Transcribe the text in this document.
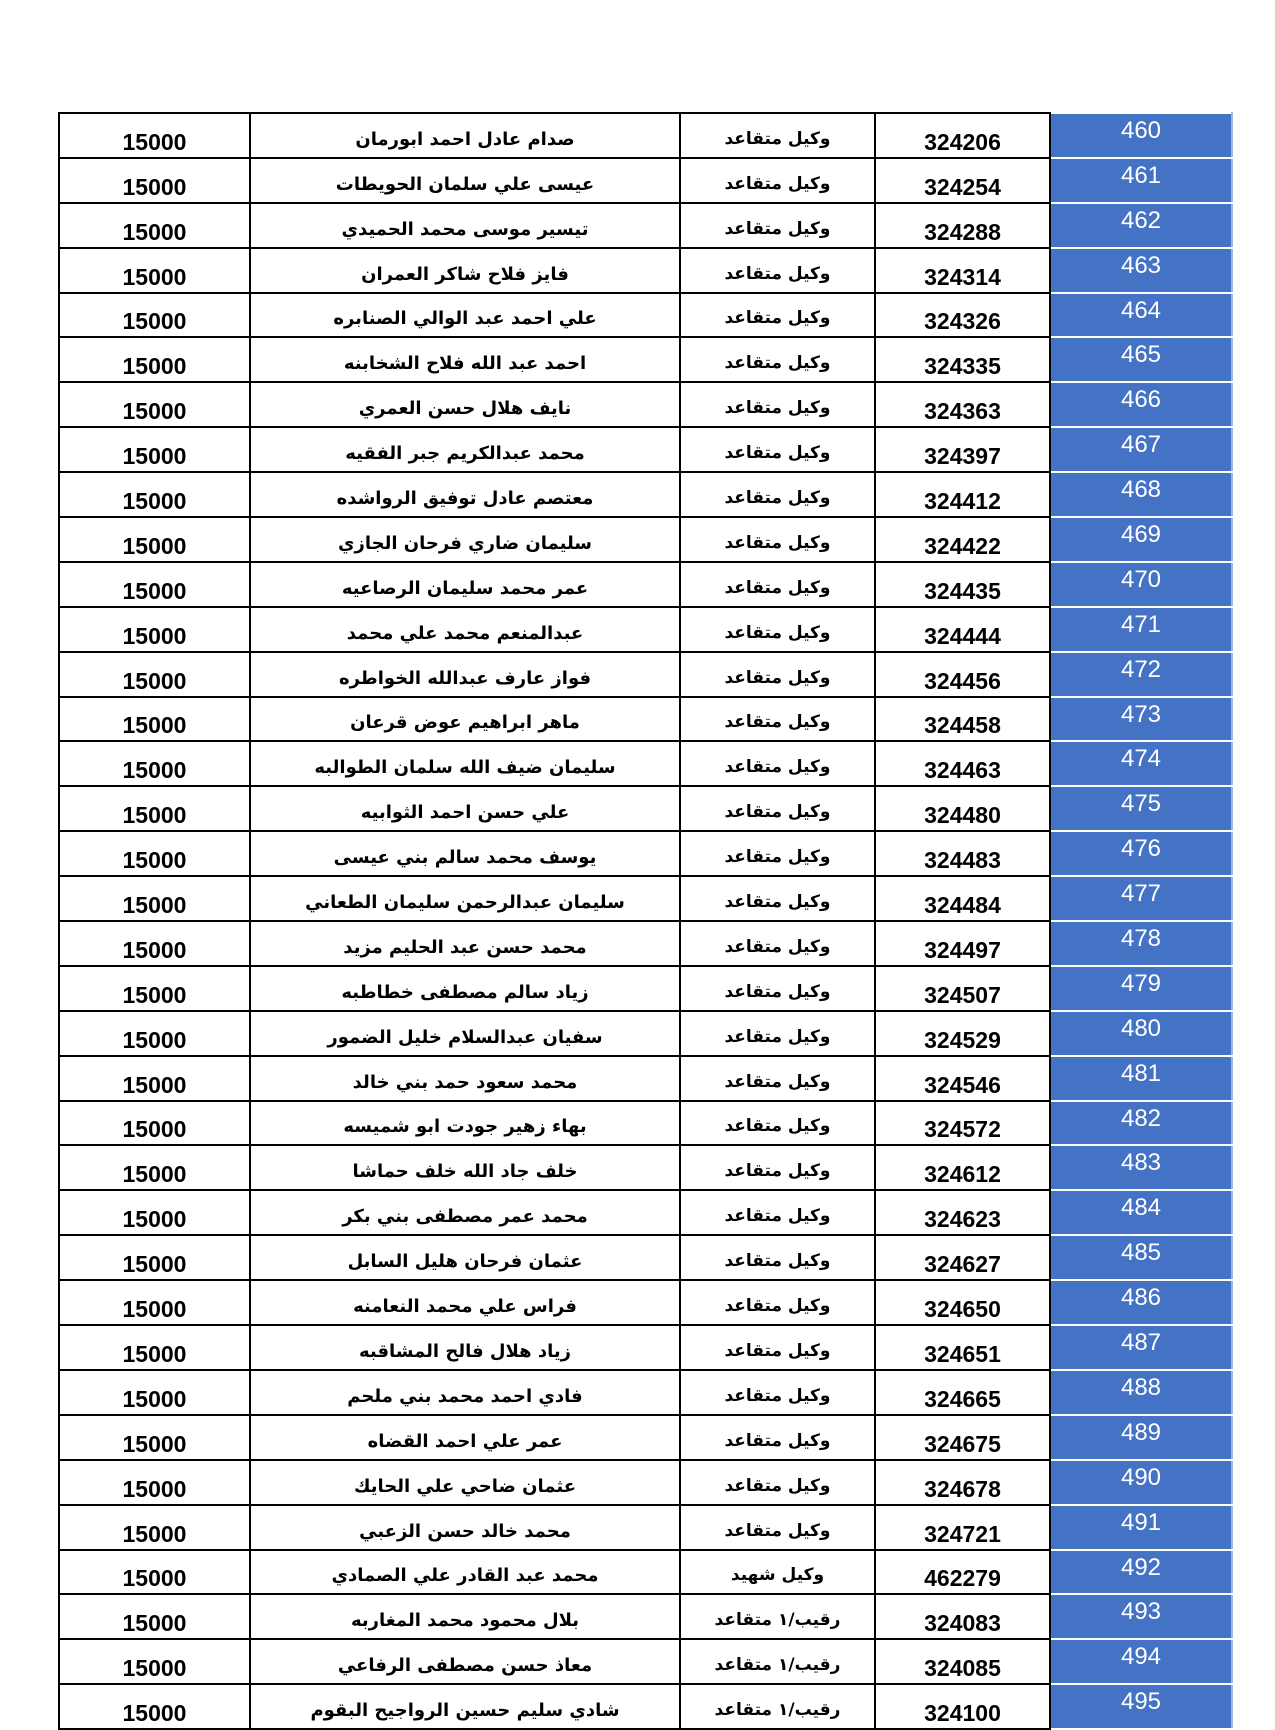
15000	صدام عادل احمد ابورمان	وكيل متقاعد	324206	460
15000	عيسى علي سلمان الحويطات	وكيل متقاعد	324254	461
15000	تيسير موسى محمد الحميدي	وكيل متقاعد	324288	462
15000	فايز فلاح شاكر العمران	وكيل متقاعد	324314	463
15000	علي احمد عبد الوالي الصنابره	وكيل متقاعد	324326	464
15000	احمد عبد الله فلاح الشخابنه	وكيل متقاعد	324335	465
15000	نايف هلال حسن العمري	وكيل متقاعد	324363	466
15000	محمد عبدالكريم جبر الفقيه	وكيل متقاعد	324397	467
15000	معتصم عادل توفيق الرواشده	وكيل متقاعد	324412	468
15000	سليمان ضاري فرحان الجازي	وكيل متقاعد	324422	469
15000	عمر محمد سليمان الرصاعيه	وكيل متقاعد	324435	470
15000	عبدالمنعم محمد علي محمد	وكيل متقاعد	324444	471
15000	فواز عارف عبدالله الخواطره	وكيل متقاعد	324456	472
15000	ماهر ابراهيم عوض قرعان	وكيل متقاعد	324458	473
15000	سليمان ضيف الله سلمان الطوالبه	وكيل متقاعد	324463	474
15000	علي حسن احمد الثوابيه	وكيل متقاعد	324480	475
15000	يوسف محمد سالم بني عيسى	وكيل متقاعد	324483	476
15000	سليمان عبدالرحمن سليمان الطعاني	وكيل متقاعد	324484	477
15000	محمد حسن عبد الحليم مزيد	وكيل متقاعد	324497	478
15000	زياد سالم مصطفى خطاطبه	وكيل متقاعد	324507	479
15000	سفيان عبدالسلام خليل الضمور	وكيل متقاعد	324529	480
15000	محمد سعود حمد بني خالد	وكيل متقاعد	324546	481
15000	بهاء زهير جودت ابو شميسه	وكيل متقاعد	324572	482
15000	خلف جاد الله خلف حماشا	وكيل متقاعد	324612	483
15000	محمد عمر مصطفى بني بكر	وكيل متقاعد	324623	484
15000	عثمان فرحان هليل السابل	وكيل متقاعد	324627	485
15000	فراس علي محمد النعامنه	وكيل متقاعد	324650	486
15000	زياد هلال فالح المشاقبه	وكيل متقاعد	324651	487
15000	فادي احمد محمد بني ملحم	وكيل متقاعد	324665	488
15000	عمر علي احمد القضاه	وكيل متقاعد	324675	489
15000	عثمان ضاحي علي الحايك	وكيل متقاعد	324678	490
15000	محمد خالد حسن الزعبي	وكيل متقاعد	324721	491
15000	محمد عبد القادر علي الصمادي	وكيل شهيد	462279	492
15000	بلال محمود محمد المغاربه	رقيب/١ متقاعد	324083	493
15000	معاذ حسن مصطفى الرفاعي	رقيب/١ متقاعد	324085	494
15000	شادي سليم حسين الرواجيح البقوم	رقيب/١ متقاعد	324100	495
